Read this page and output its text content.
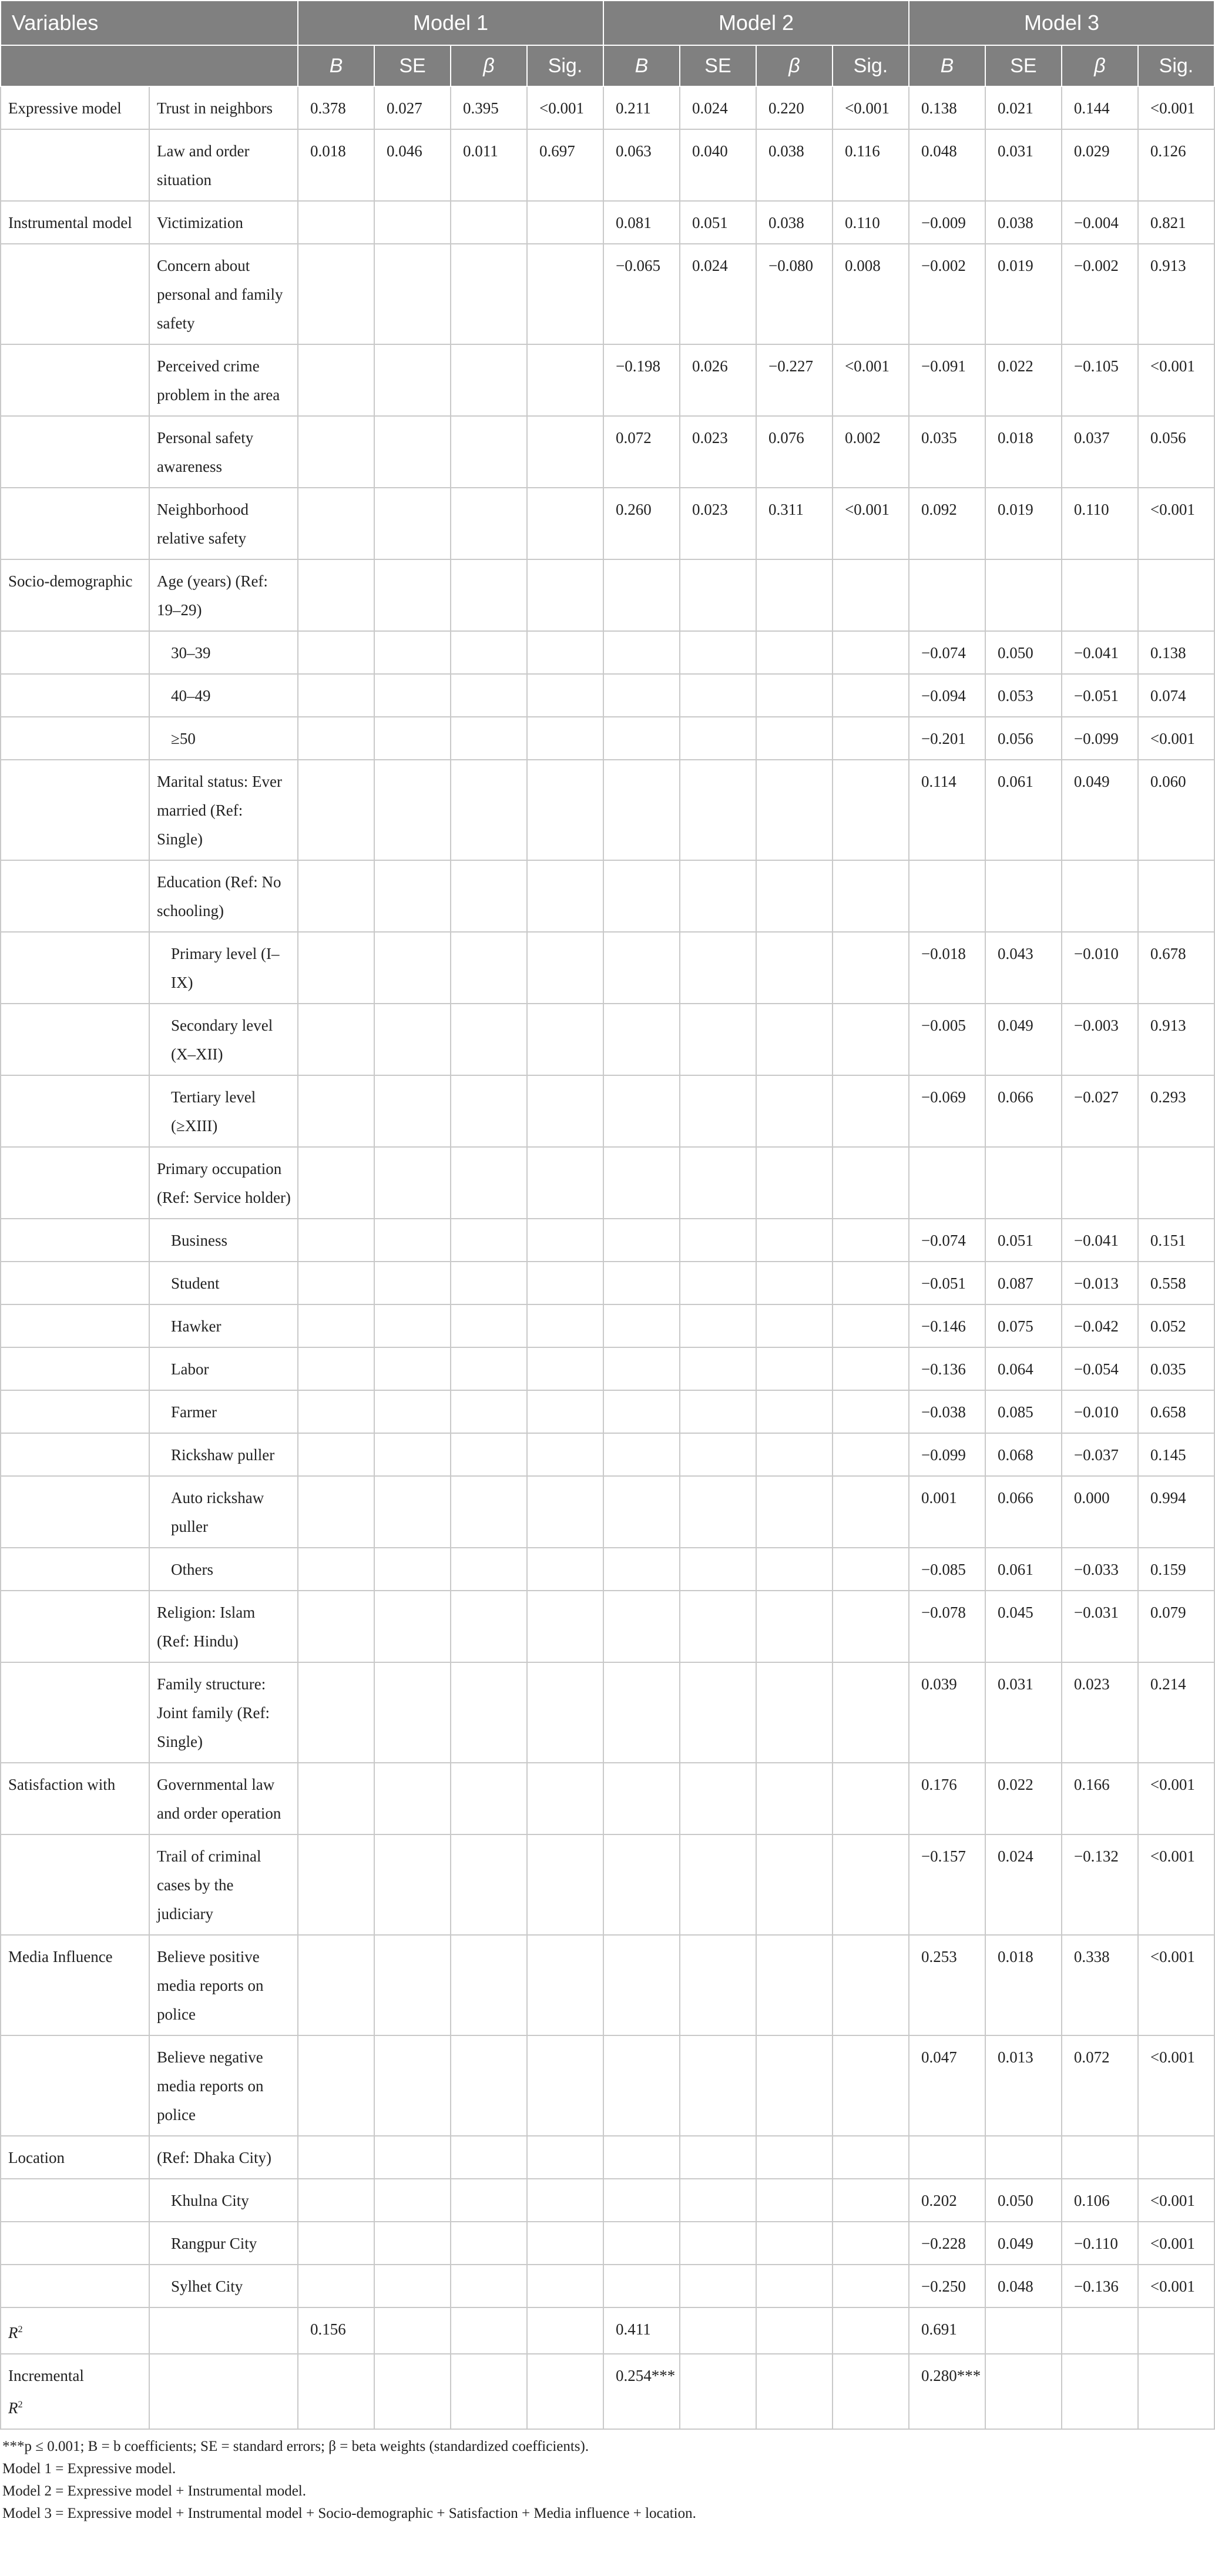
Variables		Model 1				Model 2				Model 3			
		B	SE	β	Sig.	B	SE	β	Sig.	B	SE	β	Sig.
Expressive model	Trust in neighbors	0.378	0.027	0.395	<0.001	0.211	0.024	0.220	<0.001	0.138	0.021	0.144	<0.001
	Law and order situation	0.018	0.046	0.011	0.697	0.063	0.040	0.038	0.116	0.048	0.031	0.029	0.126
Instrumental model	Victimization					0.081	0.051	0.038	0.110	−0.009	0.038	−0.004	0.821
	Concern about personal and family safety					−0.065	0.024	−0.080	0.008	−0.002	0.019	−0.002	0.913
	Perceived crime problem in the area					−0.198	0.026	−0.227	<0.001	−0.091	0.022	−0.105	<0.001
	Personal safety awareness					0.072	0.023	0.076	0.002	0.035	0.018	0.037	0.056
	Neighborhood relative safety					0.260	0.023	0.311	<0.001	0.092	0.019	0.110	<0.001
Socio-demographic	Age (years) (Ref: 19–29)												
	30–39									−0.074	0.050	−0.041	0.138
	40–49									−0.094	0.053	−0.051	0.074
	≥50									−0.201	0.056	−0.099	<0.001
	Marital status: Ever married (Ref: Single)									0.114	0.061	0.049	0.060
	Education (Ref: No schooling)												
	Primary level (I–IX)									−0.018	0.043	−0.010	0.678
	Secondary level (X–XII)									−0.005	0.049	−0.003	0.913
	Tertiary level (≥XIII)									−0.069	0.066	−0.027	0.293
	Primary occupation (Ref: Service holder)												
	Business									−0.074	0.051	−0.041	0.151
	Student									−0.051	0.087	−0.013	0.558
	Hawker									−0.146	0.075	−0.042	0.052
	Labor									−0.136	0.064	−0.054	0.035
	Farmer									−0.038	0.085	−0.010	0.658
	Rickshaw puller									−0.099	0.068	−0.037	0.145
	Auto rickshaw puller									0.001	0.066	0.000	0.994
	Others									−0.085	0.061	−0.033	0.159
	Religion: Islam (Ref: Hindu)									−0.078	0.045	−0.031	0.079
	Family structure: Joint family (Ref: Single)									0.039	0.031	0.023	0.214
Satisfaction with	Governmental law and order operation									0.176	0.022	0.166	<0.001
	Trail of criminal cases by the judiciary									−0.157	0.024	−0.132	<0.001
Media Influence	Believe positive media reports on police									0.253	0.018	0.338	<0.001
	Believe negative media reports on police									0.047	0.013	0.072	<0.001
Location	(Ref: Dhaka City)												
	Khulna City									0.202	0.050	0.106	<0.001
	Rangpur City									−0.228	0.049	−0.110	<0.001
	Sylhet City									−0.250	0.048	−0.136	<0.001
$R^2$		0.156				0.411				0.691			
Incremental
$R^2$						0.254***				0.280***			

***p ≤ 0.001; B = b coefficients; SE = standard errors; β = beta weights (standardized coefficients).

Model 1 = Expressive model.

Model 2 = Expressive model + Instrumental model.

Model 3 = Expressive model + Instrumental model + Socio-demographic + Satisfaction + Media influence + location.
